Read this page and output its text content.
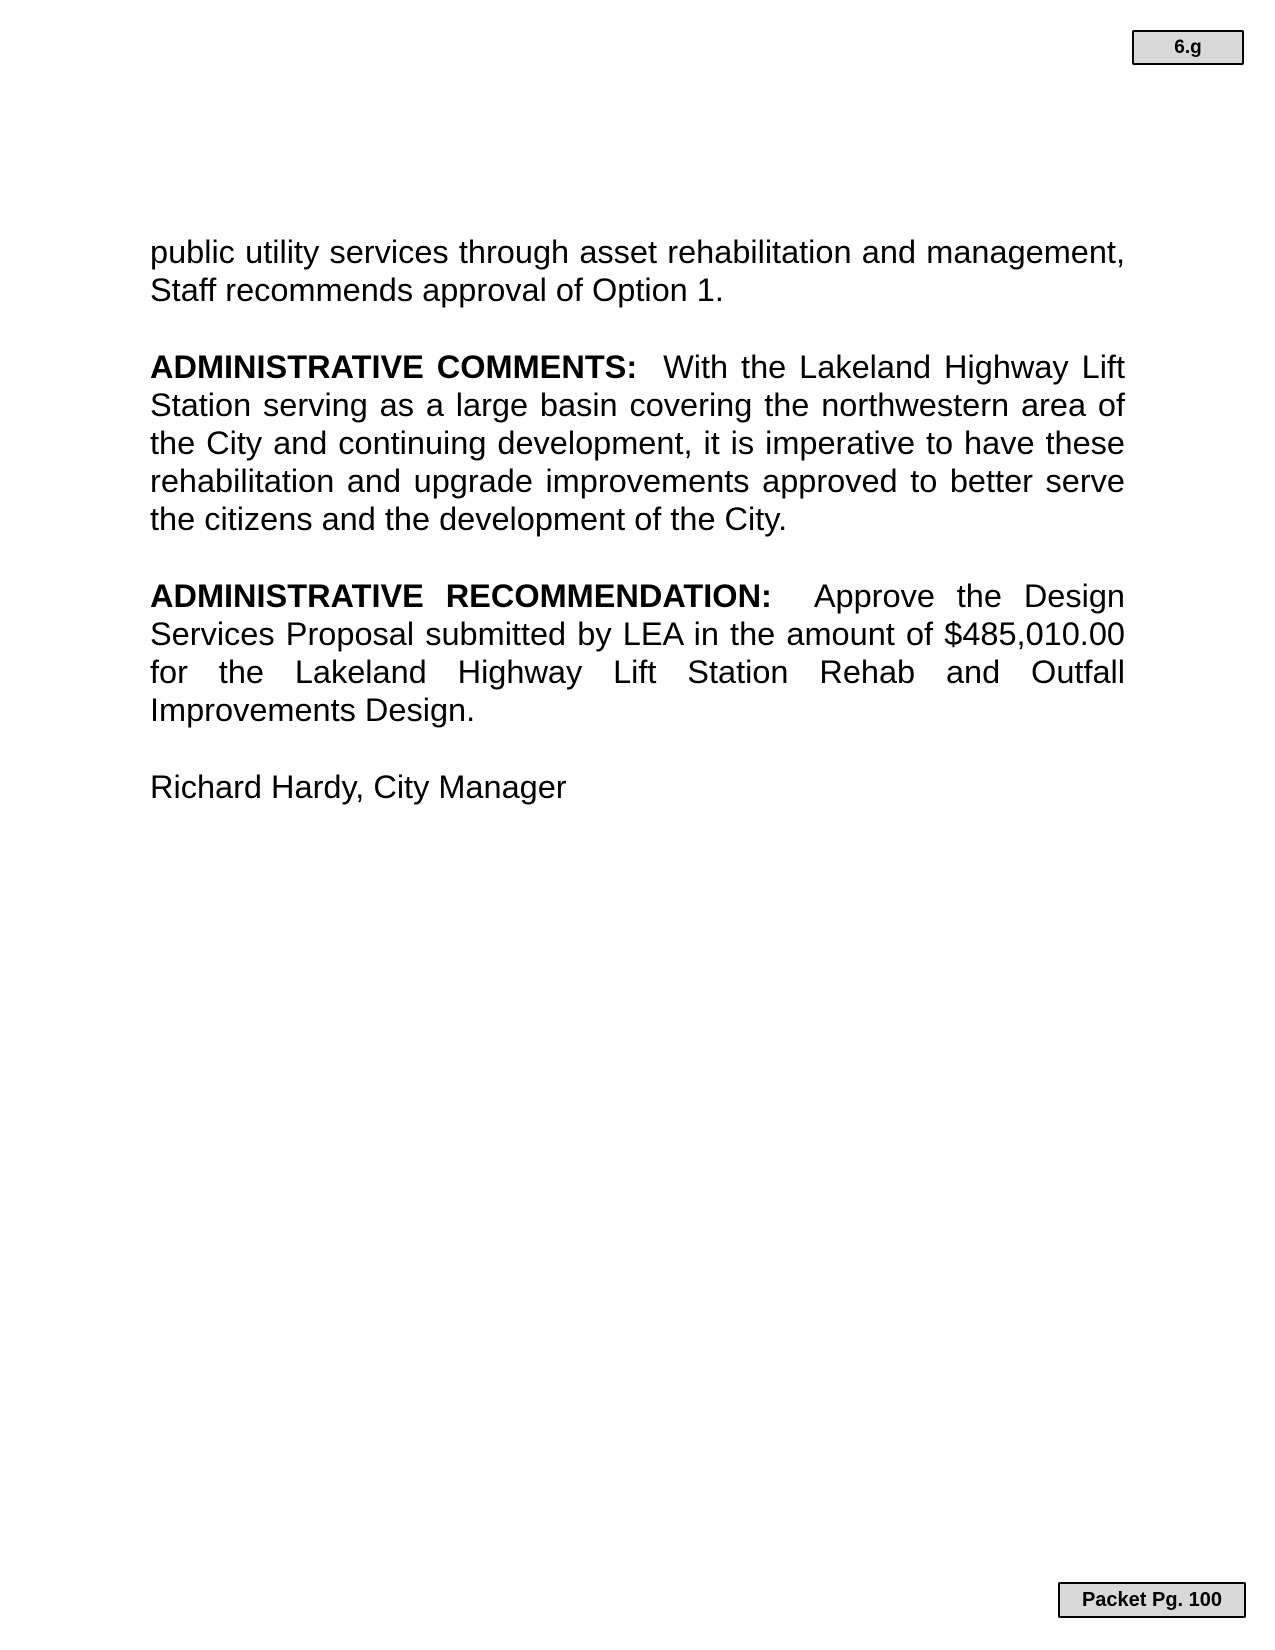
6.g

public utility services through asset rehabilitation and management, Staff recommends approval of Option 1.

ADMINISTRATIVE COMMENTS: With the Lakeland Highway Lift Station serving as a large basin covering the northwestern area of the City and continuing development, it is imperative to have these rehabilitation and upgrade improvements approved to better serve the citizens and the development of the City.

ADMINISTRATIVE RECOMMENDATION: Approve the Design Services Proposal submitted by LEA in the amount of $485,010.00 for the Lakeland Highway Lift Station Rehab and Outfall Improvements Design.

Richard Hardy, City Manager

Packet Pg. 100
